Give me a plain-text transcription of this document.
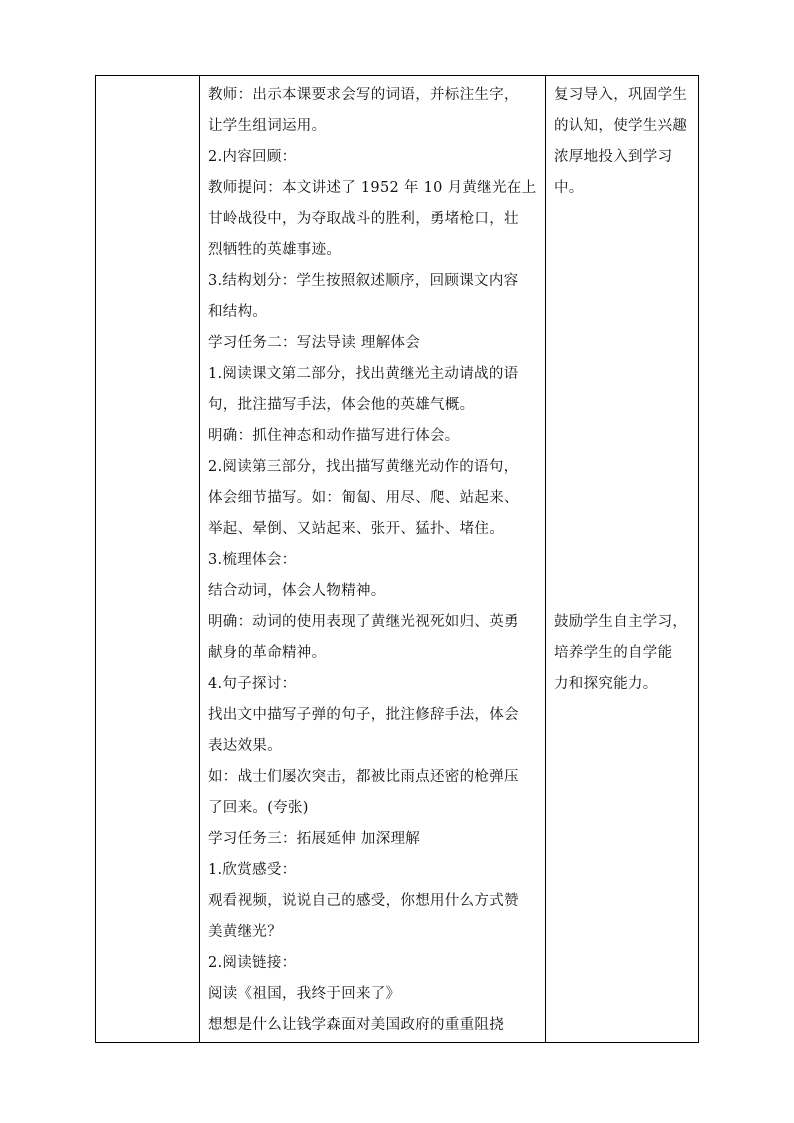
教师：出示本课要求会写的词语，并标注生字，
让学生组词运用。
2.内容回顾：
教师提问：本文讲述了 1952 年 10 月黄继光在上
甘岭战役中，为夺取战斗的胜利，勇堵枪口，壮
烈牺牲的英雄事迹。
3.结构划分：学生按照叙述顺序，回顾课文内容
和结构。
学习任务二：写法导读 理解体会
1.阅读课文第二部分，找出黄继光主动请战的语
句，批注描写手法，体会他的英雄气概。
明确：抓住神态和动作描写进行体会。
2.阅读第三部分，找出描写黄继光动作的语句，
体会细节描写。如：匍匐、用尽、爬、站起来、
举起、晕倒、又站起来、张开、猛扑、堵住。
3.梳理体会：
结合动词，体会人物精神。
明确：动词的使用表现了黄继光视死如归、英勇
献身的革命精神。
4.句子探讨：
找出文中描写子弹的句子，批注修辞手法，体会
表达效果。
如：战士们屡次突击，都被比雨点还密的枪弹压
了回来。(夸张)
学习任务三：拓展延伸 加深理解
1.欣赏感受：
观看视频，说说自己的感受，你想用什么方式赞
美黄继光？
2.阅读链接：
阅读《祖国，我终于回来了》
想想是什么让钱学森面对美国政府的重重阻挠
复习导入，巩固学生
的认知，使学生兴趣
浓厚地投入到学习
中。
鼓励学生自主学习，
培养学生的自学能
力和探究能力。
